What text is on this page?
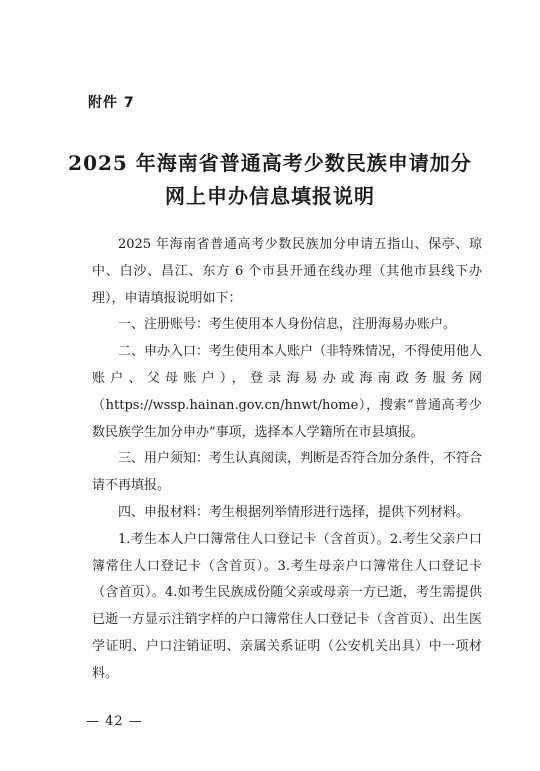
附件 7
2025 年海南省普通高考少数民族申请加分
网上申办信息填报说明

2025 年海南省普通高考少数民族加分申请五指山、保亭、琼中、白沙、昌江、东方 6 个市县开通在线办理（其他市县线下办理），申请填报说明如下：

一、注册账号：考生使用本人身份信息，注册海易办账户。

二、申办入口：考生使用本人账户（非特殊情况，不得使用他人账户、父母账户），登录海易办或海南政务服务网（https://wssp.hainan.gov.cn/hnwt/home），搜索“普通高考少数民族学生加分申办”事项，选择本人学籍所在市县填报。

三、用户须知：考生认真阅读，判断是否符合加分条件，不符合请不再填报。

四、申报材料：考生根据列举情形进行选择，提供下列材料。

1.考生本人户口簿常住人口登记卡（含首页）。2.考生父亲户口簿常住人口登记卡（含首页）。3.考生母亲户口簿常住人口登记卡（含首页）。4.如考生民族成份随父亲或母亲一方已逝，考生需提供已逝一方显示注销字样的户口簿常住人口登记卡（含首页）、出生医学证明、户口注销证明、亲属关系证明（公安机关出具）中一项材料。

— 42 —
